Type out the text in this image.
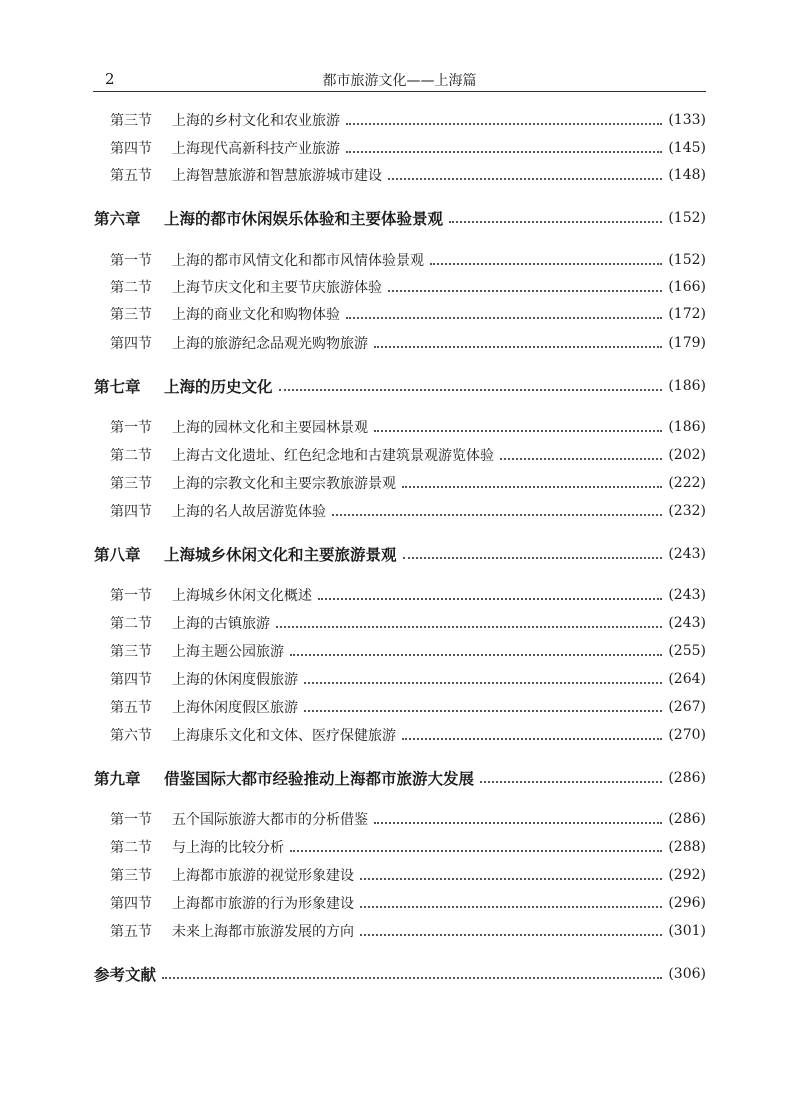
2	都市旅游文化——上海篇
第三节	上海的乡村文化和农业旅游	(133)
第四节	上海现代高新科技产业旅游	(145)
第五节	上海智慧旅游和智慧旅游城市建设	(148)
第六章	上海的都市休闲娱乐体验和主要体验景观	(152)
第一节	上海的都市风情文化和都市风情体验景观	(152)
第二节	上海节庆文化和主要节庆旅游体验	(166)
第三节	上海的商业文化和购物体验	(172)
第四节	上海的旅游纪念品观光购物旅游	(179)
第七章	上海的历史文化	(186)
第一节	上海的园林文化和主要园林景观	(186)
第二节	上海古文化遗址、红色纪念地和古建筑景观游览体验	(202)
第三节	上海的宗教文化和主要宗教旅游景观	(222)
第四节	上海的名人故居游览体验	(232)
第八章	上海城乡休闲文化和主要旅游景观	(243)
第一节	上海城乡休闲文化概述	(243)
第二节	上海的古镇旅游	(243)
第三节	上海主题公园旅游	(255)
第四节	上海的休闲度假旅游	(264)
第五节	上海休闲度假区旅游	(267)
第六节	上海康乐文化和文体、医疗保健旅游	(270)
第九章	借鉴国际大都市经验推动上海都市旅游大发展	(286)
第一节	五个国际旅游大都市的分析借鉴	(286)
第二节	与上海的比较分析	(288)
第三节	上海都市旅游的视觉形象建设	(292)
第四节	上海都市旅游的行为形象建设	(296)
第五节	未来上海都市旅游发展的方向	(301)
参考文献	(306)
